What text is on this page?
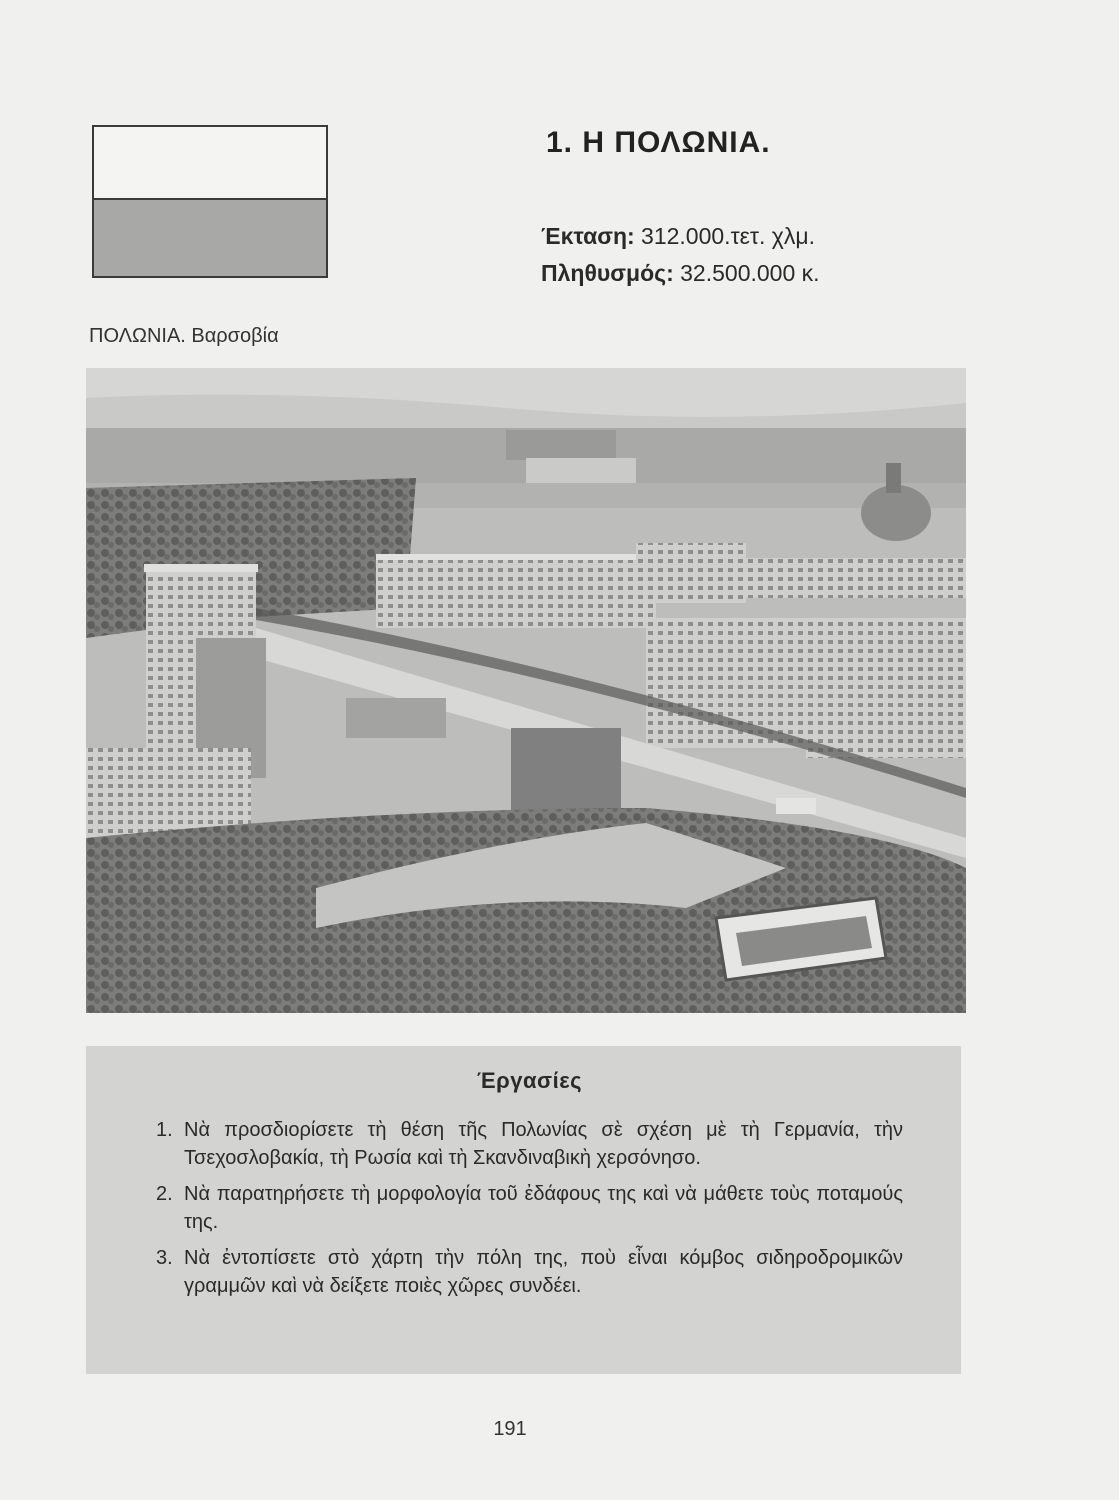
1. Η ΠΟΛΩΝΙΑ.
Έκταση: 312.000.τετ. χλμ.
Πληθυσμός: 32.500.000 κ.
ΠΟΛΩΝΙΑ. Βαρσοβία
Έργασίες
1. Νὰ προσδιορίσετε τὴ θέση τῆς Πολωνίας σὲ σχέση μὲ τὴ Γερμανία, τὴν Τσεχοσλοβακία, τὴ Ρωσία καὶ τὴ Σκανδιναβικὴ χερσόνησο.
2. Νὰ παρατηρήσετε τὴ μορφολογία τοῦ ἐδάφους της καὶ νὰ μάθετε τοὺς ποταμούς της.
3. Νὰ ἐντοπίσετε στὸ χάρτη τὴν πόλη της, ποὺ εἶναι κόμβος σιδηροδρομικῶν γραμμῶν καὶ νὰ δείξετε ποιὲς χῶρες συνδέει.
191
